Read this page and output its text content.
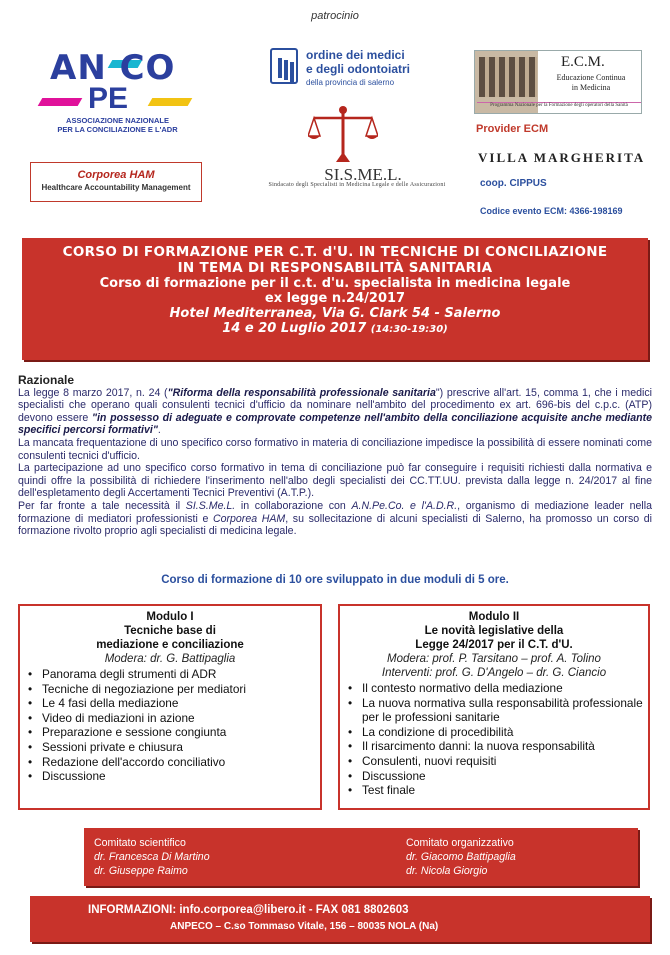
patrocinio
AN CO
PE
ASSOCIAZIONE NAZIONALE
PER LA CONCILIAZIONE E L'ADR
ordine dei medici
e degli odontoiatri
della provincia di salerno
E.C.M.
Educazione Continua
in Medicina
Programma Nazionale per la Formazione degli operatori della Sanità
SI.S.ME.L.
Sindacato degli Specialisti in Medicina Legale e delle Assicurazioni
Corporea HAM
Healthcare Accountability Management
Provider ECM
VILLA MARGHERITA
coop. CIPPUS
Codice evento ECM: 4366-198169
CORSO DI FORMAZIONE PER C.T. d'U. IN TECNICHE DI CONCILIAZIONE
IN TEMA DI RESPONSABILITÀ SANITARIA
Corso di formazione per il c.t. d'u. specialista in medicina legale
ex legge n.24/2017
Hotel Mediterranea, Via G. Clark 54 - Salerno
14 e 20 Luglio 2017 (14:30-19:30)
Razionale
La legge 8 marzo 2017, n. 24 ("Riforma della responsabilità professionale sanitaria") prescrive all'art. 15, comma 1, che i medici specialisti che operano quali consulenti tecnici d'ufficio da nominare nell'ambito del procedimento ex art. 696-bis del c.p.c. (ATP) devono essere "in possesso di adeguate e comprovate competenze nell'ambito della conciliazione acquisite anche mediante specifici percorsi formativi".
La mancata frequentazione di uno specifico corso formativo in materia di conciliazione impedisce la possibilità di essere nominati come consulenti tecnici d'ufficio.
La partecipazione ad uno specifico corso formativo in tema di conciliazione può far conseguire i requisiti richiesti dalla normativa e quindi offre la possibilità di richiedere l'inserimento nell'albo degli specialisti dei CC.TT.UU. prevista dalla legge n. 24/2017 al fine dell'espletamento degli Accertamenti Tecnici Preventivi (A.T.P.).
Per far fronte a tale necessità il SI.S.Me.L. in collaborazione con A.N.Pe.Co. e l'A.D.R., organismo di mediazione leader nella formazione di mediatori professionisti e Corporea HAM, su sollecitazione di alcuni specialisti di Salerno, ha promosso un corso di formazione rivolto proprio agli specialisti di medicina legale.
Corso di formazione di 10 ore sviluppato in due moduli di 5 ore.
Modulo I
Tecniche base di
mediazione e conciliazione
Modera: dr. G. Battipaglia
• Panorama degli strumenti di ADR
• Tecniche di negoziazione per mediatori
• Le 4 fasi della mediazione
• Video di mediazioni in azione
• Preparazione e sessione congiunta
• Sessioni private e chiusura
• Redazione dell'accordo conciliativo
• Discussione
Modulo II
Le novità legislative della
Legge 24/2017 per il C.T. d'U.
Modera: prof. P. Tarsitano – prof. A. Tolino
Interventi: prof. G. D'Angelo – dr. G. Ciancio
• Il contesto normativo della mediazione
• La nuova normativa sulla responsabilità professionale per le professioni sanitarie
• La condizione di procedibilità
• Il risarcimento danni: la nuova responsabilità
• Consulenti, nuovi requisiti
• Discussione
• Test finale
Comitato scientifico
dr. Francesca Di Martino
dr. Giuseppe Raimo
Comitato organizzativo
dr. Giacomo Battipaglia
dr. Nicola Giorgio
INFORMAZIONI: info.corporea@libero.it - FAX 081 8802603
ANPECO – C.so Tommaso Vitale, 156 – 80035 NOLA (Na)
